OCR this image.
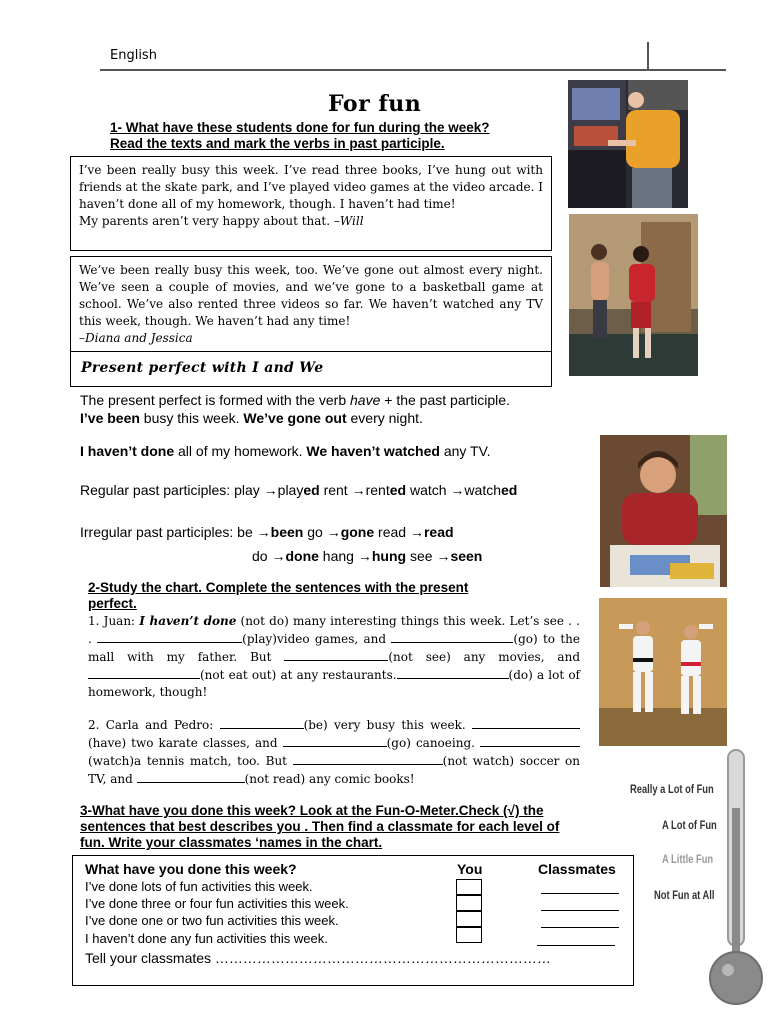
English
For fun
1- What have these students done for fun during the week?
Read the texts and mark the verbs in past participle.

I’ve been really busy this week. I’ve read three books, I’ve hung out with friends at the skate park, and I’ve played video games at the video arcade. I haven’t done all of my homework, though. I haven’t had time!

My parents aren’t very happy about that. –Will

We’ve been really busy this week, too. We’ve gone out almost every night. We’ve seen a couple of movies, and we’ve gone to a basketball game at school. We’ve also rented three videos so far. We haven’t watched any TV this week, though. We haven’t had any time!

–Diana and Jessica

Present perfect with I and We
The present perfect is formed with the verb have + the past participle.
I’ve been busy this week. We’ve gone out every night.
I haven’t done all of my homework. We haven’t watched any TV.
Regular past participles: play →played rent →rented watch →watched
Irregular past participles: be →been go →gone read →read
do →done hang →hung see →seen
2-Study the chart. Complete the sentences with the present
perfect.
1. Juan: I haven’t done (not do) many interesting things this week. Let’s see . . .	(play)video games, and	(go) to the mall with my father. But	(not see) any movies, and (not eat out) at any restaurants.	(do) a lot of homework, though!
2. Carla and Pedro:	(be) very busy this week. (have) two karate classes, and	(go) canoeing. (watch)a tennis match, too. But	(not watch) soccer on TV, and	(not read) any comic books!
3-What have you done this week? Look at the Fun-O-Meter.Check (√) the
sentences that best describes you . Then find a classmate for each level of
fun. Write your classmates ‘names in the chart.
What have you done this week?	You	Classmates
I’ve done lots of fun activities this week.
I’ve done three or four fun activities this week.
I’ve done one or two fun activities this week.
I haven’t done any fun activities this week.
Tell your classmates ………………………………………………………………
Really a Lot of Fun
A Lot of Fun
A Little Fun
Not Fun at All
